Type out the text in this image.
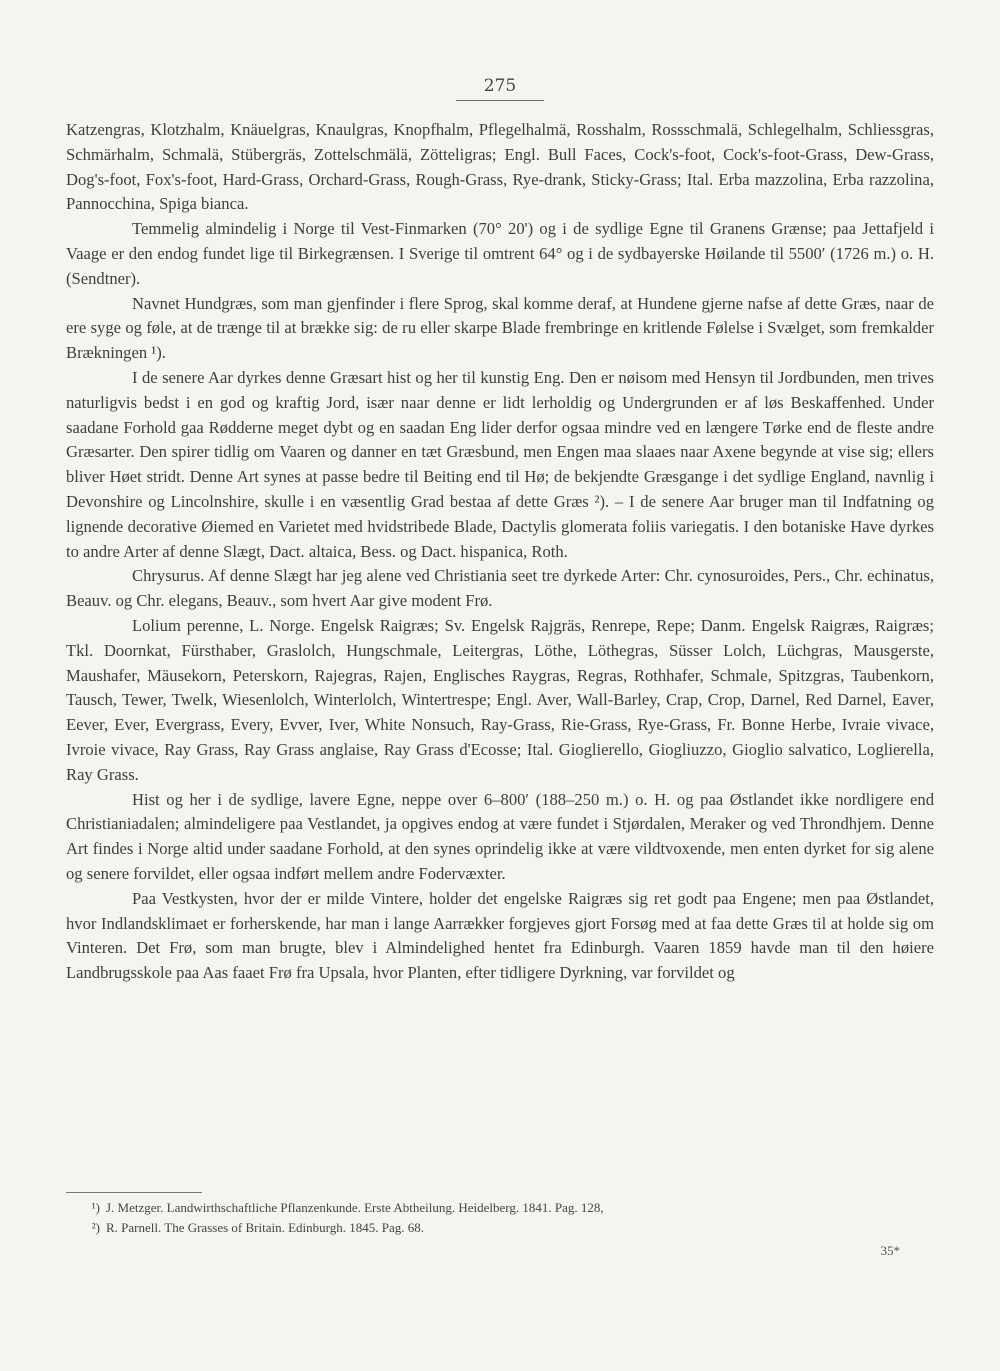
275

Katzengras, Klotzhalm, Knäuelgras, Knaulgras, Knopfhalm, Pflegelhalmä, Rosshalm, Rossschmalä, Schlegelhalm, Schliessgras, Schmärhalm, Schmalä, Stübergräs, Zottelschmälä, Zötteligras; Engl. Bull Faces, Cock's-foot, Cock's-foot-Grass, Dew-Grass, Dog's-foot, Fox's-foot, Hard-Grass, Orchard-Grass, Rough-Grass, Rye-drank, Sticky-Grass; Ital. Erba mazzolina, Erba razzolina, Pannocchina, Spiga bianca.

Temmelig almindelig i Norge til Vest-Finmarken (70° 20') og i de sydlige Egne til Granens Grænse; paa Jettafjeld i Vaage er den endog fundet lige til Birkegrænsen. I Sverige til omtrent 64° og i de sydbayerske Høilande til 5500′ (1726 m.) o. H. (Sendtner).

Navnet Hundgræs, som man gjenfinder i flere Sprog, skal komme deraf, at Hundene gjerne nafse af dette Græs, naar de ere syge og føle, at de trænge til at brække sig: de ru eller skarpe Blade frembringe en kritlende Følelse i Svælget, som fremkalder Brækningen ¹).

I de senere Aar dyrkes denne Græsart hist og her til kunstig Eng. Den er nøisom med Hensyn til Jordbunden, men trives naturligvis bedst i en god og kraftig Jord, især naar denne er lidt lerholdig og Undergrunden er af løs Beskaffenhed. Under saadane Forhold gaa Rødderne meget dybt og en saadan Eng lider derfor ogsaa mindre ved en længere Tørke end de fleste andre Græsarter. Den spirer tidlig om Vaaren og danner en tæt Græsbund, men Engen maa slaaes naar Axene begynde at vise sig; ellers bliver Høet stridt. Denne Art synes at passe bedre til Beiting end til Hø; de bekjendte Græsgange i det sydlige England, navnlig i Devonshire og Lincolnshire, skulle i en væsentlig Grad bestaa af dette Græs ²). – I de senere Aar bruger man til Indfatning og lignende decorative Øiemed en Varietet med hvidstribede Blade, Dactylis glomerata foliis variegatis. I den botaniske Have dyrkes to andre Arter af denne Slægt, Dact. altaica, Bess. og Dact. hispanica, Roth.

Chrysurus. Af denne Slægt har jeg alene ved Christiania seet tre dyrkede Arter: Chr. cynosuroides, Pers., Chr. echinatus, Beauv. og Chr. elegans, Beauv., som hvert Aar give modent Frø.

Lolium perenne, L. Norge. Engelsk Raigræs; Sv. Engelsk Rajgräs, Renrepe, Repe; Danm. Engelsk Raigræs, Raigræs; Tkl. Doornkat, Fürsthaber, Graslolch, Hungschmale, Leitergras, Löthe, Löthegras, Süsser Lolch, Lüchgras, Mausgerste, Maushafer, Mäusekorn, Peterskorn, Rajegras, Rajen, Englisches Raygras, Regras, Rothhafer, Schmale, Spitzgras, Taubenkorn, Tausch, Tewer, Twelk, Wiesenlolch, Winterlolch, Wintertrespe; Engl. Aver, Wall-Barley, Crap, Crop, Darnel, Red Darnel, Eaver, Eever, Ever, Evergrass, Every, Evver, Iver, White Nonsuch, Ray-Grass, Rie-Grass, Rye-Grass, Fr. Bonne Herbe, Ivraie vivace, Ivroie vivace, Ray Grass, Ray Grass anglaise, Ray Grass d'Ecosse; Ital. Gioglierello, Giogliuzzo, Gioglio salvatico, Loglierella, Ray Grass.

Hist og her i de sydlige, lavere Egne, neppe over 6–800′ (188–250 m.) o. H. og paa Østlandet ikke nordligere end Christianiadalen; almindeligere paa Vestlandet, ja opgives endog at være fundet i Stjørdalen, Meraker og ved Throndhjem. Denne Art findes i Norge altid under saadane Forhold, at den synes oprindelig ikke at være vildtvoxende, men enten dyrket for sig alene og senere forvildet, eller ogsaa indført mellem andre Fodervæxter.

Paa Vestkysten, hvor der er milde Vintere, holder det engelske Raigræs sig ret godt paa Engene; men paa Østlandet, hvor Indlandsklimaet er forherskende, har man i lange Aarrækker forgjeves gjort Forsøg med at faa dette Græs til at holde sig om Vinteren. Det Frø, som man brugte, blev i Almindelighed hentet fra Edinburgh. Vaaren 1859 havde man til den høiere Landbrugsskole paa Aas faaet Frø fra Upsala, hvor Planten, efter tidligere Dyrkning, var forvildet og

¹) J. Metzger. Landwirthschaftliche Pflanzenkunde. Erste Abtheilung. Heidelberg. 1841. Pag. 128,
²) R. Parnell. The Grasses of Britain. Edinburgh. 1845. Pag. 68.
35*
